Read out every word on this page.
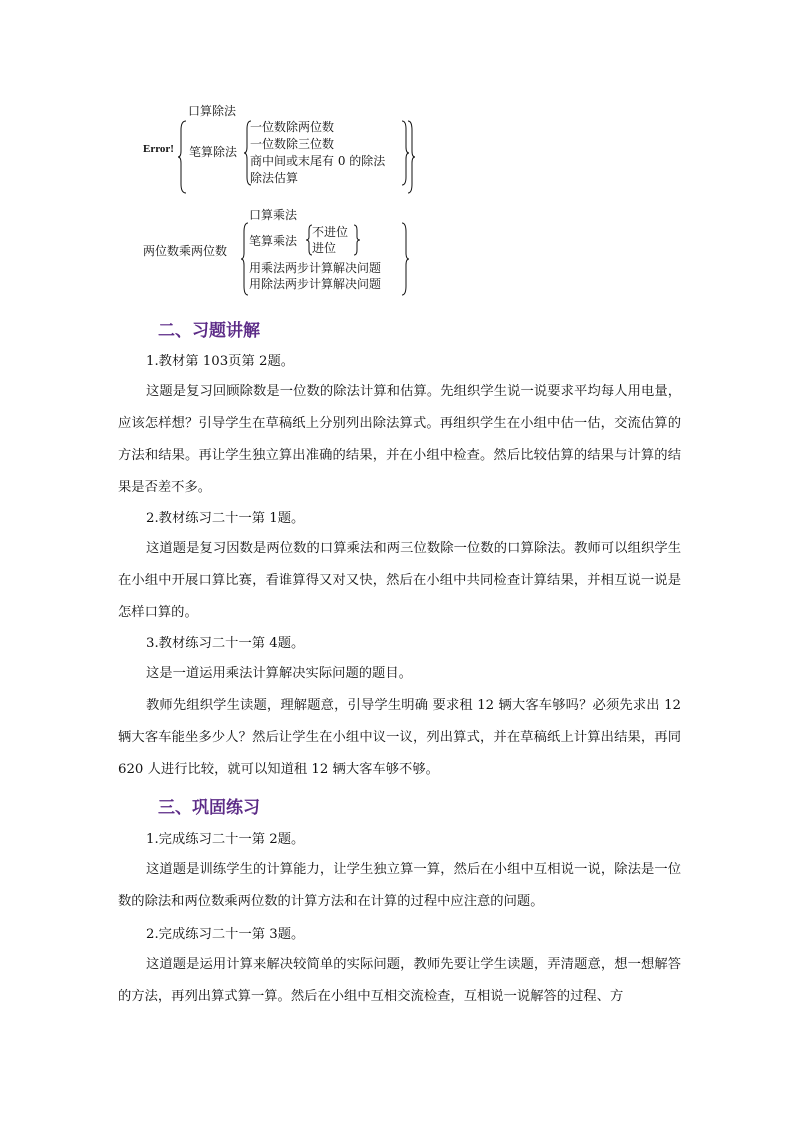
口算除法
Error! 笔算除法
一位数除两位数
一位数除三位数
商中间或末尾有 0 的除法
除法估算
口算乘法
两位数乘两位数
笔算乘法
不进位
进位
用乘法两步计算解决问题
用除法两步计算解决问题
二、习题讲解
1.教材第 103页第 2题。
这题是复习回顾除数是一位数的除法计算和估算。先组织学生说一说要求平均每人用电量，应该怎样想？引导学生在草稿纸上分别列出除法算式。再组织学生在小组中估一估，交流估算的方法和结果。再让学生独立算出准确的结果，并在小组中检查。然后比较估算的结果与计算的结果是否差不多。
2.教材练习二十一第 1题。
这道题是复习因数是两位数的口算乘法和两三位数除一位数的口算除法。教师可以组织学生在小组中开展口算比赛，看谁算得又对又快，然后在小组中共同检查计算结果，并相互说一说是怎样口算的。
3.教材练习二十一第 4题。
这是一道运用乘法计算解决实际问题的题目。
教师先组织学生读题，理解题意，引导学生明确 要求租 12 辆大客车够吗？必须先求出 12 辆大客车能坐多少人？然后让学生在小组中议一议，列出算式，并在草稿纸上计算出结果，再同 620 人进行比较，就可以知道租 12 辆大客车够不够。
三、巩固练习
1.完成练习二十一第 2题。
这道题是训练学生的计算能力，让学生独立算一算，然后在小组中互相说一说，除法是一位数的除法和两位数乘两位数的计算方法和在计算的过程中应注意的问题。
2.完成练习二十一第 3题。
这道题是运用计算来解决较简单的实际问题，教师先要让学生读题，弄清题意，想一想解答的方法，再列出算式算一算。然后在小组中互相交流检查，互相说一说解答的过程、方
